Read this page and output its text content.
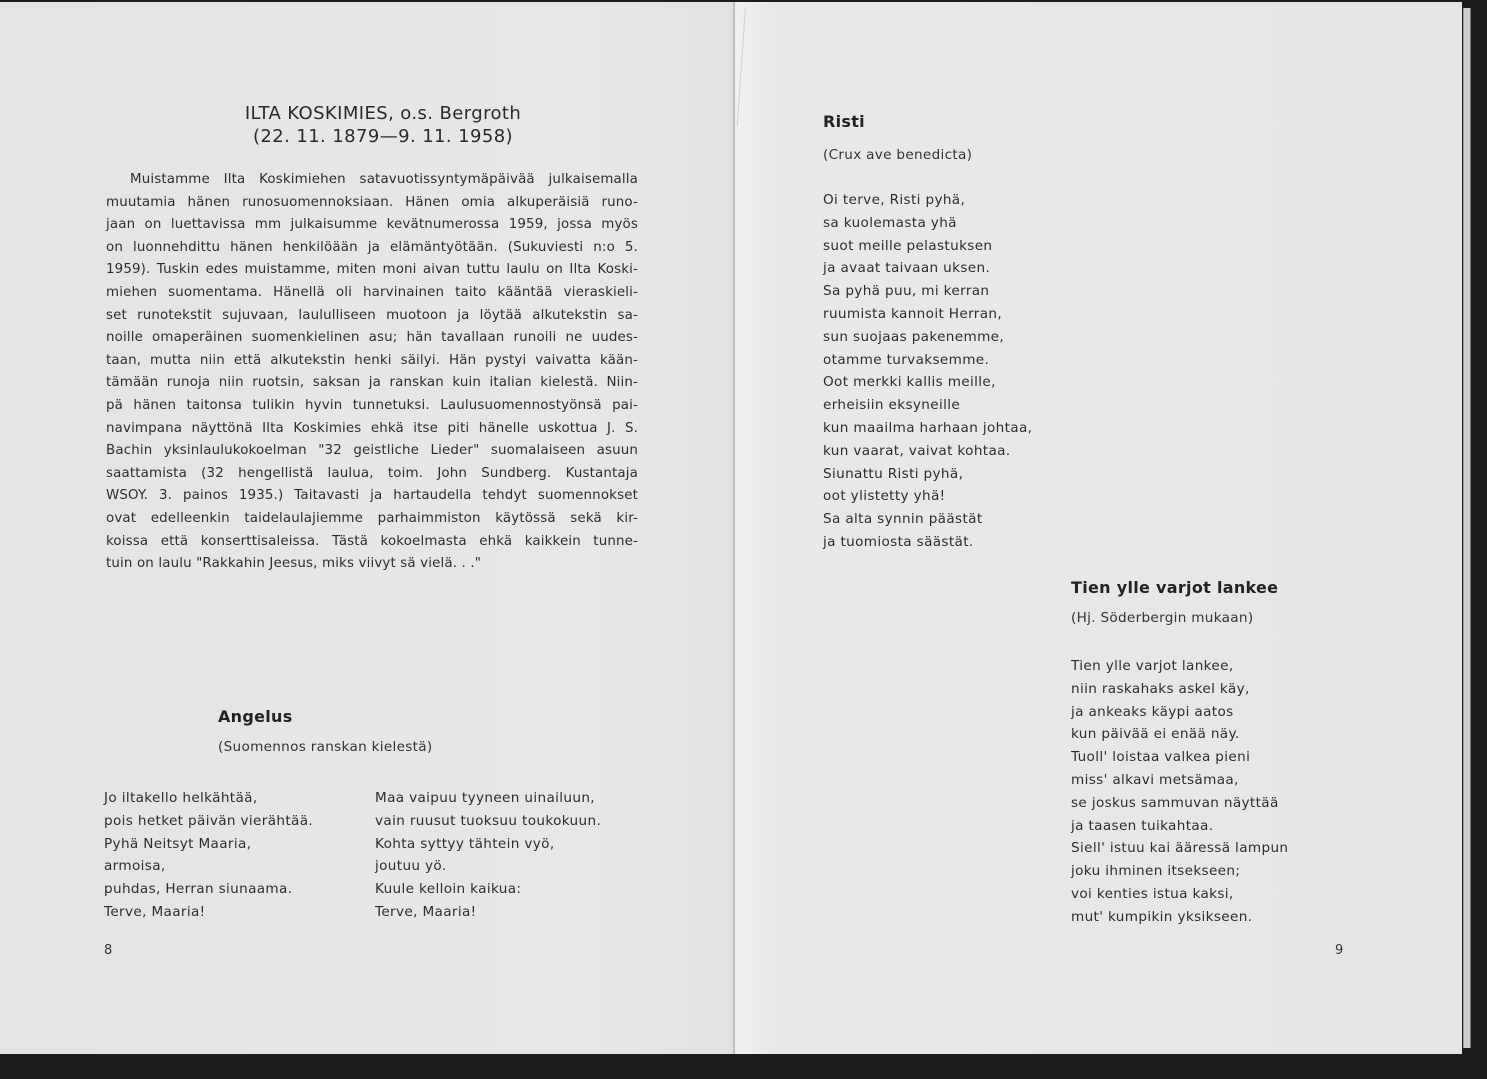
ILTA KOSKIMIES, o.s. Bergroth
(22. 11. 1879—9. 11. 1958)
Muistamme Ilta Koskimiehen satavuotissyntymäpäivää julkaisemalla
muutamia hänen runosuomennoksiaan. Hänen omia alkuperäisiä runo-
jaan on luettavissa mm julkaisumme kevätnumerossa 1959, jossa myös
on luonnehdittu hänen henkilöään ja elämäntyötään. (Sukuviesti n:o 5.
1959). Tuskin edes muistamme, miten moni aivan tuttu laulu on Ilta Koski-
miehen suomentama. Hänellä oli harvinainen taito kääntää vieraskieli-
set runotekstit sujuvaan, laululliseen muotoon ja löytää alkutekstin sa-
noille omaperäinen suomenkielinen asu; hän tavallaan runoili ne uudes-
taan, mutta niin että alkutekstin henki säilyi. Hän pystyi vaivatta kään-
tämään runoja niin ruotsin, saksan ja ranskan kuin italian kielestä. Niin-
pä hänen taitonsa tulikin hyvin tunnetuksi. Laulusuomennostyönsä pai-
navimpana näyttönä Ilta Koskimies ehkä itse piti hänelle uskottua J. S.
Bachin yksinlaulukokoelman "32 geistliche Lieder" suomalaiseen asuun
saattamista (32 hengellistä laulua, toim. John Sundberg. Kustantaja
WSOY. 3. painos 1935.) Taitavasti ja hartaudella tehdyt suomennokset
ovat edelleenkin taidelaulajiemme parhaimmiston käytössä sekä kir-
koissa että konserttisaleissa. Tästä kokoelmasta ehkä kaikkein tunne-
tuin on laulu "Rakkahin Jeesus, miks viivyt sä vielä. . ."
Angelus
(Suomennos ranskan kielestä)
Jo iltakello helkähtää,
pois hetket päivän vierähtää.
Pyhä Neitsyt Maaria,
armoisa,
puhdas, Herran siunaama.
Terve, Maaria!
Maa vaipuu tyyneen uinailuun,
vain ruusut tuoksuu toukokuun.
Kohta syttyy tähtein vyö,
joutuu yö.
Kuule kelloin kaikua:
Terve, Maaria!
8
Risti
(Crux ave benedicta)
Oi terve, Risti pyhä,
sa kuolemasta yhä
suot meille pelastuksen
ja avaat taivaan uksen.
Sa pyhä puu, mi kerran
ruumista kannoit Herran,
sun suojaas pakenemme,
otamme turvaksemme.
Oot merkki kallis meille,
erheisiin eksyneille
kun maailma harhaan johtaa,
kun vaarat, vaivat kohtaa.
Siunattu Risti pyhä,
oot ylistetty yhä!
Sa alta synnin päästät
ja tuomiosta säästät.
Tien ylle varjot lankee
(Hj. Söderbergin mukaan)
Tien ylle varjot lankee,
niin raskahaks askel käy,
ja ankeaks käypi aatos
kun päivää ei enää näy.
Tuoll' loistaa valkea pieni
miss' alkavi metsämaa,
se joskus sammuvan näyttää
ja taasen tuikahtaa.
Siell' istuu kai ääressä lampun
joku ihminen itsekseen;
voi kenties istua kaksi,
mut' kumpikin yksikseen.
9
